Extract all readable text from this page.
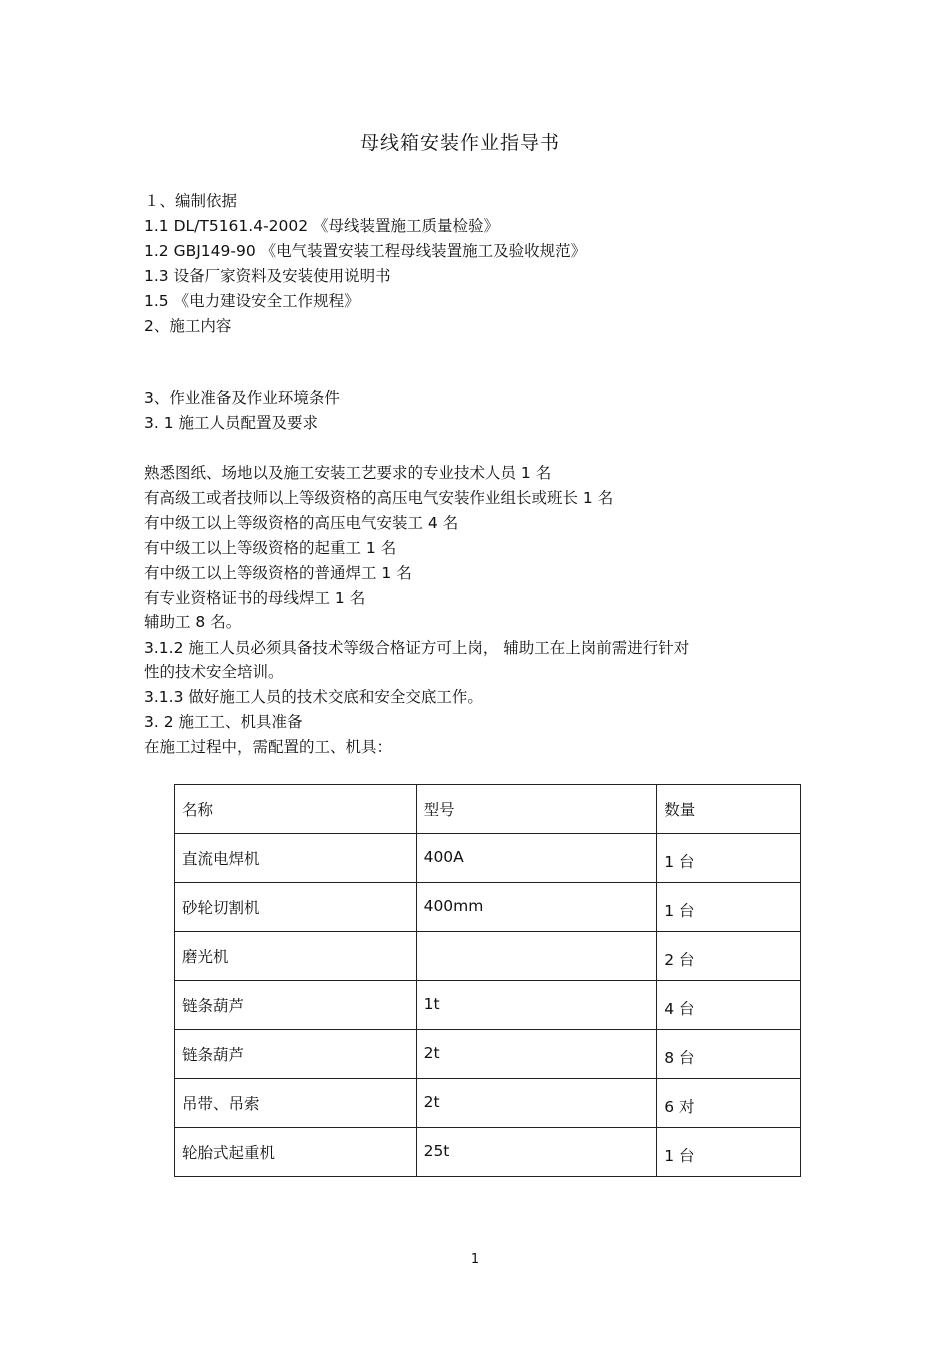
母线箱安装作业指导书
１、编制依据
1.1 DL/T5161.4-2002 《母线装置施工质量检验》
1.2 GBJ149-90 《电气装置安装工程母线装置施工及验收规范》
1.3 设备厂家资料及安装使用说明书
1.5 《电力建设安全工作规程》
2、施工内容
3、作业准备及作业环境条件
3. 1 施工人员配置及要求
熟悉图纸、场地以及施工安装工艺要求的专业技术人员 1 名
有高级工或者技师以上等级资格的高压电气安装作业组长或班长 1 名
有中级工以上等级资格的高压电气安装工 4 名
有中级工以上等级资格的起重工 1 名
有中级工以上等级资格的普通焊工 1 名
有专业资格证书的母线焊工 1 名
辅助工 8 名。
3.1.2 施工人员必须具备技术等级合格证方可上岗， 辅助工在上岗前需进行针对
性的技术安全培训。
3.1.3 做好施工人员的技术交底和安全交底工作。
3. 2 施工工、机具准备
在施工过程中，需配置的工、机具：
名称	型号	数量
直流电焊机	400A	1 台
砂轮切割机	400mm	1 台
磨光机		2 台
链条葫芦	1t	4 台
链条葫芦	2t	8 台
吊带、吊索	2t	6 对
轮胎式起重机	25t	1 台
1
